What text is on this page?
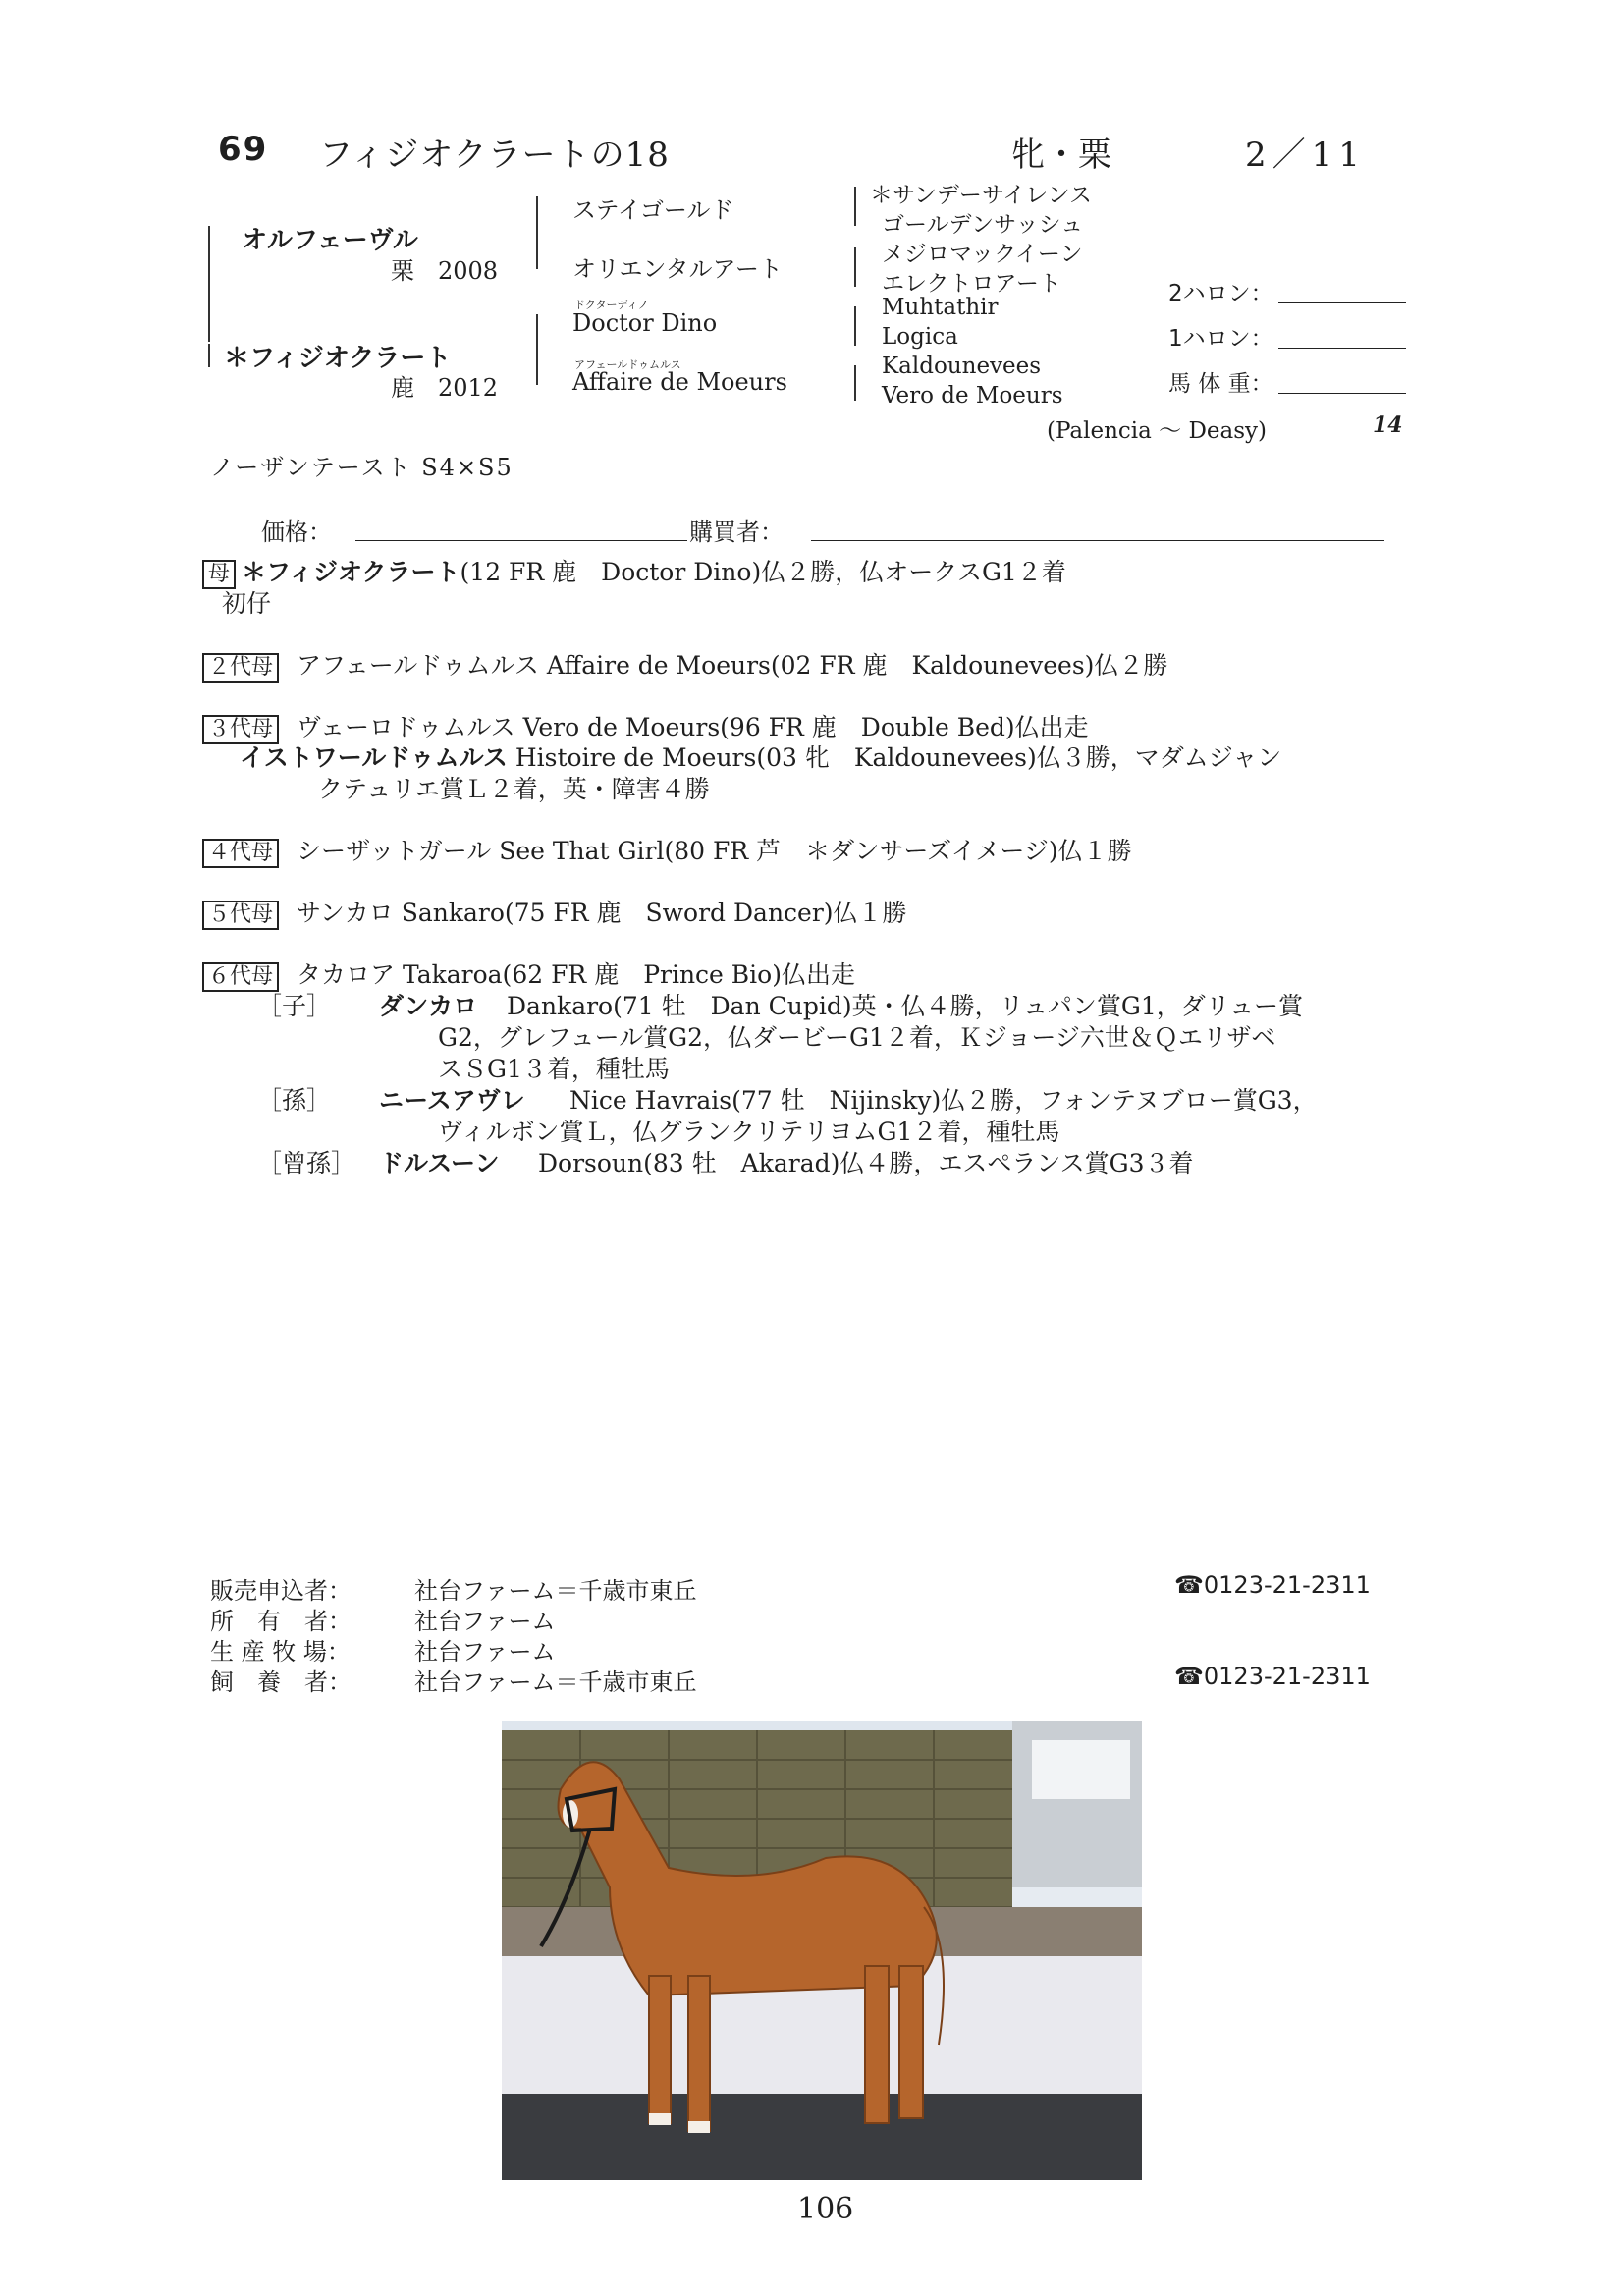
69 フィジオクラートの18	牝・栗	2／11
オルフェーヴル
栗　2008
＊フィジオクラート
鹿　2012
ステイゴールド
オリエンタルアート
ドクターディノ
Doctor Dino
アフェールドゥムルス
Affaire de Moeurs
＊サンデーサイレンス
ゴールデンサッシュ
メジロマックイーン
エレクトロアート
Muhtathir
Logica
Kaldounevees
Vero de Moeurs
(Palencia ～ Deasy)	14
2ハロン：
1ハロン：
馬 体 重：
ノーザンテースト S4×S5
価格：	購買者：
母 ＊フィジオクラート(12 FR 鹿　Doctor Dino)仏２勝，仏オークスG1２着
初仔
２代母 アフェールドゥムルス Affaire de Moeurs(02 FR 鹿　Kaldounevees)仏２勝
３代母 ヴェーロドゥムルス Vero de Moeurs(96 FR 鹿　Double Bed)仏出走
イストワールドゥムルス Histoire de Moeurs(03 牝　Kaldounevees)仏３勝，マダムジャン
クテュリエ賞Ｌ２着，英・障害４勝
４代母 シーザットガール See That Girl(80 FR 芦　＊ダンサーズイメージ)仏１勝
５代母 サンカロ Sankaro(75 FR 鹿　Sword Dancer)仏１勝
６代母 タカロア Takaroa(62 FR 鹿　Prince Bio)仏出走
［子］ ダンカロ Dankaro(71 牡　Dan Cupid)英・仏４勝，リュパン賞G1，ダリュー賞
G2，グレフュール賞G2，仏ダービーG1２着，Ｋジョージ六世＆Ｑエリザベ
スＳG1３着，種牡馬
［孫］ ニースアヴレ Nice Havrais(77 牡　Nijinsky)仏２勝，フォンテヌブロー賞G3，
ヴィルボン賞Ｌ，仏グランクリテリヨムG1２着，種牡馬
［曾孫］ ドルスーン Dorsoun(83 牡　Akarad)仏４勝，エスペランス賞G3３着
販売申込者：	社台ファーム＝千歳市東丘	☎0123-21-2311
所　有　者：	社台ファーム
生 産 牧 場：	社台ファーム
飼　養　者：	社台ファーム＝千歳市東丘	☎0123-21-2311
106
